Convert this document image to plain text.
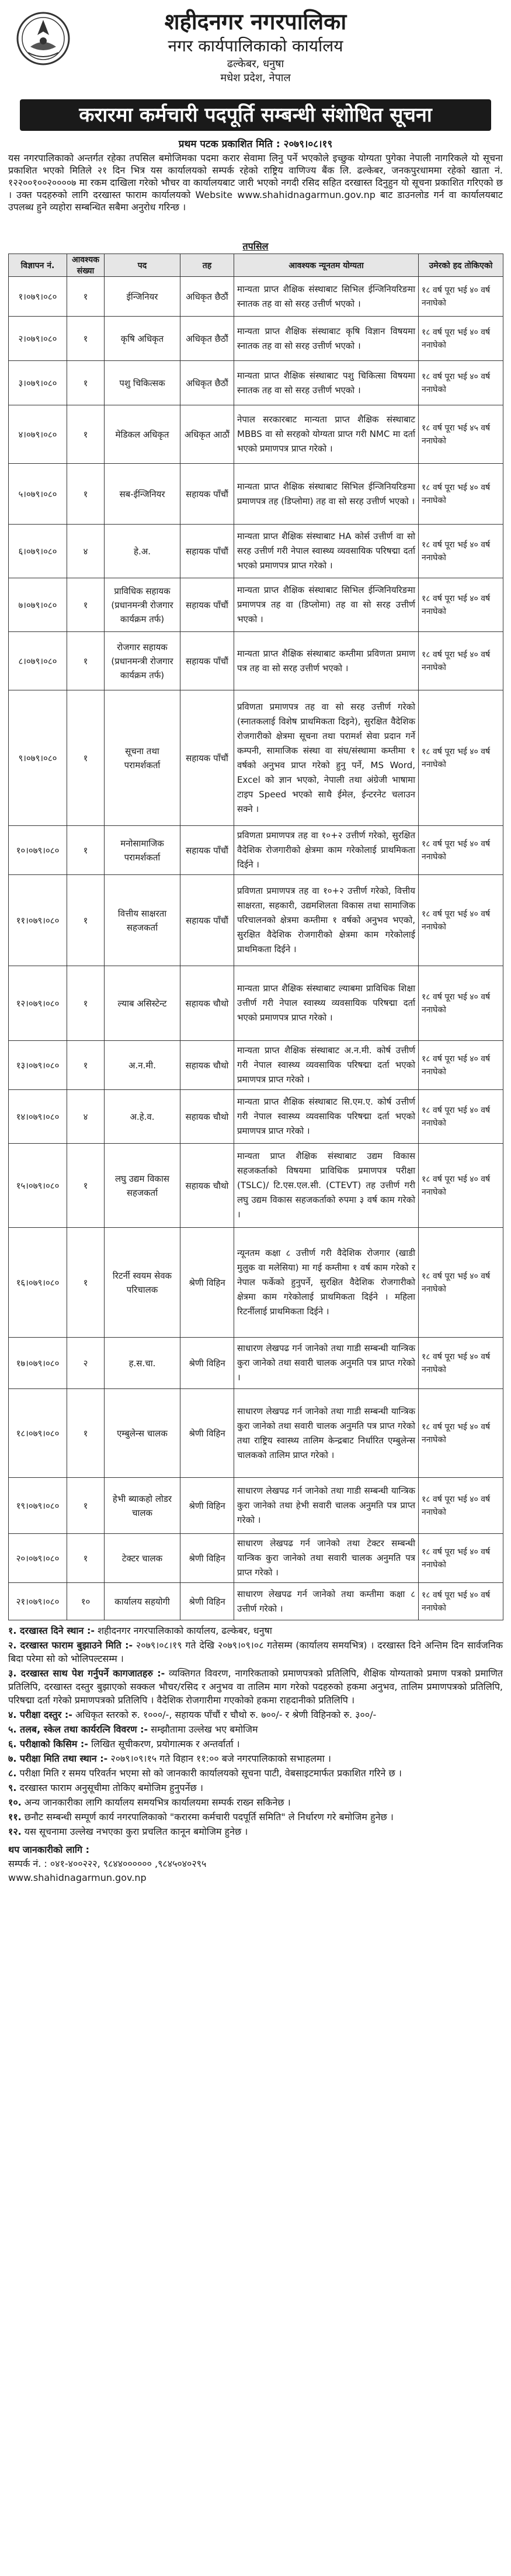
शहीदनगर नगरपालिका
नगर कार्यपालिकाको कार्यालय
ढल्केबर, धनुषा
मधेश प्रदेश, नेपाल
करारमा कर्मचारी पदपूर्ति सम्बन्धी संशोधित सूचना
प्रथम पटक प्रकाशित मिति : २०७९।०८।१९
यस नगरपालिकाको अन्तर्गत रहेका तपसिल बमोजिमका पदमा करार सेवामा लिनु पर्ने भएकोले इच्छुक योग्यता पुगेका नेपाली नागरिकले यो सूचना प्रकाशित भएको मितिले २१ दिन भित्र यस कार्यालयको सम्पर्क रहेको राष्ट्रिय वाणिज्य बैंक लि. ढल्केबर, जनकपुरधाममा रहेको खाता नं. १२२००१००२००००७ मा रकम दाखिला गरेको भौचर वा कार्यालयबाट जारी भएको नगदी रसिद सहित दरखास्त दिनुहुन यो सूचना प्रकाशित गरिएको छ । उक्त पदहरुको लागि दरखास्त फाराम कार्यालयको Website www.shahidnagarmun.gov.np बाट डाउनलोड गर्न वा कार्यालयबाट उपलब्ध हुने व्यहोरा सम्बन्धित सबैमा अनुरोध गरिन्छ ।
तपसिल
विज्ञापन नं.	आवश्यक संख्या	पद	तह	आवश्यक न्यूनतम योग्यता	उमेरको हद तोकिएको
१।०७९।०८०	१	ईन्जिनियर	अधिकृत छैठौं	मान्यता प्राप्त शैक्षिक संस्थाबाट सिभिल ईन्जिनियरिङमा स्नातक तह वा सो सरह उत्तीर्ण भएको ।	१८ वर्ष पूरा भई ४० वर्ष ननाघेको
२।०७९।०८०	१	कृषि अधिकृत	अधिकृत छैठौं	मान्यता प्राप्त शैक्षिक संस्थाबाट कृषि विज्ञान विषयमा स्नातक तह वा सो सरह उत्तीर्ण भएको ।	१८ वर्ष पूरा भई ४० वर्ष ननाघेको
३।०७९।०८०	१	पशु चिकित्सक	अधिकृत छैठौं	मान्यता प्राप्त शैक्षिक संस्थाबाट पशु चिकित्सा विषयमा स्नातक तह वा सो सरह उत्तीर्ण भएको ।	१८ वर्ष पूरा भई ४० वर्ष ननाघेको
४।०७९।०८०	१	मेडिकल अधिकृत	अधिकृत आठौं	नेपाल सरकारबाट मान्यता प्राप्त शैक्षिक संस्थाबाट MBBS वा सो सरहको योग्यता प्राप्त गरी NMC मा दर्ता भएको प्रमाणपत्र प्राप्त गरेको ।	१८ वर्ष पूरा भई ४५ वर्ष ननाघेको
५।०७९।०८०	१	सब-ईन्जिनियर	सहायक पाँचौं	मान्यता प्राप्त शैक्षिक संस्थाबाट सिभिल ईन्जिनियरिङमा प्रमाणपत्र तह (डिप्लोमा) तह वा सो सरह उत्तीर्ण भएको ।	१८ वर्ष पूरा भई ४० वर्ष ननाघेको
६।०७९।०८०	४	हे.अ.	सहायक पाँचौं	मान्यता प्राप्त शैक्षिक संस्थाबाट HA कोर्स उत्तीर्ण वा सो सरह उत्तीर्ण गरी नेपाल स्वास्थ्य व्यवसायिक परिषद्मा दर्ता भएको प्रमाणपत्र प्राप्त गरेको ।	१८ वर्ष पूरा भई ४० वर्ष ननाघेको
७।०७९।०८०	१	प्राविधिक सहायक (प्रधानमन्त्री रोजगार कार्यक्रम तर्फ)	सहायक पाँचौं	मान्यता प्राप्त शैक्षिक संस्थाबाट सिभिल ईन्जिनियरिङमा प्रमाणपत्र तह वा (डिप्लोमा) तह वा सो सरह उत्तीर्ण भएको ।	१८ वर्ष पूरा भई ४० वर्ष ननाघेको
८।०७९।०८०	१	रोजगार सहायक (प्रधानमन्त्री रोजगार कार्यक्रम तर्फ)	सहायक पाँचौं	मान्यता प्राप्त शैक्षिक संस्थाबाट कम्तीमा प्रविणता प्रमाण पत्र तह वा सो सरह उत्तीर्ण भएको ।	१८ वर्ष पूरा भई ४० वर्ष ननाघेको
९।०७९।०८०	१	सूचना तथा परामर्शकर्ता	सहायक पाँचौं	प्रविणता प्रमाणपत्र तह वा सो सरह उत्तीर्ण गरेको (स्नातकलाई विशेष प्राथमिकता दिइने), सुरक्षित वैदेशिक रोजगारीको क्षेत्रमा सूचना तथा परामर्श सेवा प्रदान गर्ने कम्पनी, सामाजिक संस्था वा संघ/संस्थामा कम्तीमा १ वर्षको अनुभव प्राप्त गरेको हुनु पर्ने, MS Word, Excel को ज्ञान भएको, नेपाली तथा अंग्रेजी भाषामा टाइप Speed भएको साथै ईमेल, ईन्टरनेट चलाउन सक्ने ।	१८ वर्ष पूरा भई ४० वर्ष ननाघेको
१०।०७९।०८०	१	मनोसामाजिक परामर्शकर्ता	सहायक पाँचौं	प्रविणता प्रमाणपत्र तह वा १०+२ उत्तीर्ण गरेको, सुरक्षित वैदेशिक रोजगारीको क्षेत्रमा काम गरेकोलाई प्राथमिकता दिईने ।	१८ वर्ष पूरा भई ४० वर्ष ननाघेको
११।०७९।०८०	१	वित्तीय साक्षरता सहजकर्ता	सहायक पाँचौं	प्रविणता प्रमाणपत्र तह वा १०+२ उत्तीर्ण गरेको, वित्तीय साक्षरता, सहकारी, उद्यमशिलता विकास तथा सामाजिक परिचालनको क्षेत्रमा कम्तीमा १ वर्षको अनुभव भएको, सुरक्षित वैदेशिक रोजगारीको क्षेत्रमा काम गरेकोलाई प्राथमिकता दिईने ।	१८ वर्ष पूरा भई ४० वर्ष ननाघेको
१२।०७९।०८०	१	ल्याब असिस्टेन्ट	सहायक चौथो	मान्यता प्राप्त शैक्षिक संस्थाबाट ल्याबमा प्राविधिक शिक्षा उत्तीर्ण गरी नेपाल स्वास्थ्य व्यवसायिक परिषद्मा दर्ता भएको प्रमाणपत्र प्राप्त गरेको ।	१८ वर्ष पूरा भई ४० वर्ष ननाघेको
१३।०७९।०८०	१	अ.न.मी.	सहायक चौथो	मान्यता प्राप्त शैक्षिक संस्थाबाट अ.न.मी. कोर्ष उत्तीर्ण गरी नेपाल स्वास्थ्य व्यवसायिक परिषद्मा दर्ता भएको प्रमाणपत्र प्राप्त गरेको ।	१८ वर्ष पूरा भई ४० वर्ष ननाघेको
१४।०७९।०८०	४	अ.हे.व.	सहायक चौथो	मान्यता प्राप्त शैक्षिक संस्थाबाट सि.एम.ए. कोर्ष उत्तीर्ण गरी नेपाल स्वास्थ्य व्यवसायिक परिषद्मा दर्ता भएको प्रमाणपत्र प्राप्त गरेको ।	१८ वर्ष पूरा भई ४० वर्ष ननाघेको
१५।०७९।०८०	१	लघु उद्यम विकास सहजकर्ता	सहायक चौथो	मान्यता प्राप्त शैक्षिक संस्थाबाट उद्यम विकास सहजकर्ताको विषयमा प्राविधिक प्रमाणपत्र परीक्षा (TSLC)/ टि.एस.एल.सी. (CTEVT) तह उत्तीर्ण गरी लघु उद्यम विकास सहजकर्ताको रुपमा ३ वर्ष काम गरेको ।	१८ वर्ष पूरा भई ४० वर्ष ननाघेको
१६।०७९।०८०	१	रिटर्नी स्वयम सेवक परिचालक	श्रेणी विहिन	न्यूनतम कक्षा ८ उत्तीर्ण गरी वैदेशिक रोजगार (खाडी मुलुक वा मलेसिया) मा गई कम्तीमा १ वर्ष काम गरेको र नेपाल फर्केको हुनुपर्ने, सुरक्षित वैदेशिक रोजगारीको क्षेत्रमा काम गरेकोलाई प्राथमिकता दिईने । महिला रिटर्नीलाई प्राथमिकता दिईने ।	१८ वर्ष पूरा भई ४० वर्ष ननाघेको
१७।०७९।०८०	२	ह.स.चा.	श्रेणी विहिन	साधारण लेखपढ गर्न जानेको तथा गाडी सम्बन्धी यान्त्रिक कुरा जानेको तथा सवारी चालक अनुमति पत्र प्राप्त गरेको ।	१८ वर्ष पूरा भई ४० वर्ष ननाघेको
१८।०७९।०८०	१	एम्बुलेन्स चालक	श्रेणी विहिन	साधारण लेखपढ गर्न जानेको तथा गाडी सम्बन्धी यान्त्रिक कुरा जानेको तथा सवारी चालक अनुमति पत्र प्राप्त गरेको तथा राष्ट्रिय स्वास्थ्य तालिम केन्द्रबाट निर्धारित एम्बुलेन्स चालकको तालिम प्राप्त गरेको ।	१८ वर्ष पूरा भई ४० वर्ष ननाघेको
१९।०७९।०८०	१	हेभी ब्याकहो लोडर चालक	श्रेणी विहिन	साधारण लेखपढ गर्न जानेको तथा गाडी सम्बन्धी यान्त्रिक कुरा जानेको तथा हेभी सवारी चालक अनुमति पत्र प्राप्त गरेको ।	१८ वर्ष पूरा भई ४० वर्ष ननाघेको
२०।०७९।०८०	१	टेक्टर चालक	श्रेणी विहिन	साधारण लेखपढ गर्न जानेको तथा टेक्टर सम्बन्धी यान्त्रिक कुरा जानेको तथा सवारी चालक अनुमति पत्र प्राप्त गरेको ।	१८ वर्ष पूरा भई ४० वर्ष ननाघेको
२१।०७९।०८०	१०	कार्यालय सहयोगी	श्रेणी विहिन	साधारण लेखपढ गर्न जानेको तथा कम्तीमा कक्षा ८ उत्तीर्ण गरेको ।	१८ वर्ष पूरा भई ४० वर्ष ननाघेको
१. दरखास्त दिने स्थान :- शहीदनगर नगरपालिकाको कार्यालय, ढल्केबर, धनुषा
२. दरखास्त फाराम बुझाउने मिति :- २०७९।०८।१९ गते देखि २०७९।०९।०८ गतेसम्म (कार्यालय समयभित्र) । दरखास्त दिने अन्तिम दिन सार्वजनिक बिदा परेमा सो को भोलिपल्टसम्म ।
३. दरखास्त साथ पेश गर्नुपर्ने कागजातहरु :- व्यक्तिगत विवरण, नागरिकताको प्रमाणपत्रको प्रतिलिपि, शैक्षिक योग्यताको प्रमाण पत्रको प्रमाणित प्रतिलिपि, दरखास्त दस्तुर बुझाएको सक्कल भौचर/रसिद र अनुभव वा तालिम माग गरेको पदहरुको हकमा अनुभव, तालिम प्रमाणपत्रको प्रतिलिपि, परिषद्मा दर्ता गरेको प्रमाणपत्रको प्रतिलिपि । वैदेशिक रोजगारीमा गएकोको हकमा राहदानीको प्रतिलिपि ।
४. परीक्षा दस्तुर :- अधिकृत स्तरको रु. १०००/-, सहायक पाँचौं र चौथो रु. ७००/- र श्रेणी विहिनको रु. ३००/-
५. तलब, स्केल तथा कार्यरत्नि विवरण :- सम्झौतामा उल्लेख भए बमोजिम
६. परीक्षाको किसिम :- लिखित सूचीकरण, प्रयोगात्मक र अन्तर्वार्ता ।
७. परीक्षा मिति तथा स्थान :- २०७९।०९।१५ गते विहान ११:०० बजे नगरपालिकाको सभाहलमा ।
८. परीक्षा मिति र समय परिवर्तन भएमा सो को जानकारी कार्यालयको सूचना पाटी, वेबसाइटमार्फत प्रकाशित गरिने छ ।
९. दरखास्त फाराम अनुसूचीमा तोकिए बमोजिम हुनुपर्नेछ ।
१०. अन्य जानकारीका लागि कार्यालय समयभित्र कार्यालयमा सम्पर्क राख्न सकिनेछ ।
११. छनौट सम्बन्धी सम्पूर्ण कार्य नगरपालिकाको "करारमा कर्मचारी पदपूर्ति समिति" ले निर्धारण गरे बमोजिम हुनेछ ।
१२. यस सूचनामा उल्लेख नभएका कुरा प्रचलित कानून बमोजिम हुनेछ ।
थप जानकारीको लागि :
सम्पर्क नं. : ०४१-४००२२२, ९८४४०००००० ,९८४५०४०२९५
www.shahidnagarmun.gov.np
